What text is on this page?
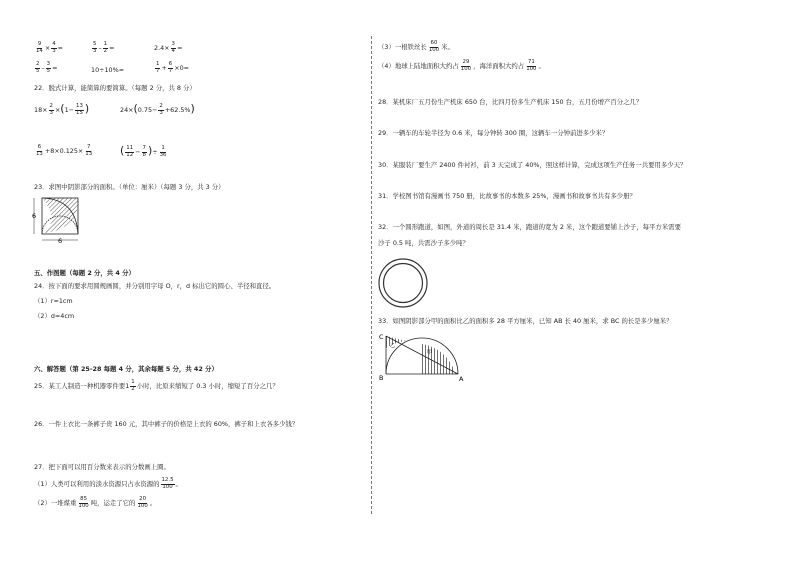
$\frac{9}{14} \times \frac{4}{3}$ =	$\frac{5}{3} - \frac{1}{2}$ =	$2.4\times \frac{3}{4}$ =
$\frac{2}{5} - \frac{3}{5}$ =	10÷10%=	$\frac{1}{7} + \frac{6}{7} \times 0=$
22．脱式计算，能简算的要简算。（每题 2 分，共 8 分）
$18\times \frac{2}{3} \times(1- \frac{13}{15}$ )	$24\times(0.75- \frac{2}{3} +62.5\%)$
$\frac{6}{13} +8\times 0.125\times \frac{7}{13}$ ( $\frac{11}{12} - \frac{7}{8}$ )÷ $\frac{1}{36}$
23．求图中阴影部分的面积。（单位：厘米）（每题 3 分，共 3 分）
6
6
五、作图题（每题 2 分，共 4 分）
24．按下面的要求用圆规画圆，并分别用字母 O，r，d 标出它的圆心、半径和直径。
（1）r=1cm
（2）d=4cm
六、解答题（第 25-28 每题 4 分，其余每题 5 分，共 42 分）
25．某工人制造一种机器零件要$1 \frac{1}{2}$ 小时，比原来缩短了 0.3 小时，缩短了百分之几？
26．一件上衣比一条裤子贵 160 元，其中裤子的价格是上衣的 60%，裤子和上衣各多少钱？
27．把下面可以用百分数来表示的分数画上圈。
（1）人类可以利用的淡水资源只占水资源的 $\frac{12.5}{100}$ 。
（2）一堆煤重 $\frac{85}{100}$ 吨，运走了它的 $\frac{20}{100}$ 。
（3）一根铁丝长 $\frac{60}{100}$ 米。
（4）地球上陆地面积大约占 $\frac{29}{100}$ ，海洋面积大约占 $\frac{71}{100}$ 。
28．某机床厂五月份生产机床 650 台，比四月份多生产机床 150 台，五月份增产百分之几？
29．一辆车的车轮半径为 0.6 米，每分钟转 300 圈，这辆车一分钟前进多少米？
30．某服装厂要生产 2400 件衬衫，前 3 天完成了 40%，照这样计算，完成这项生产任务一共要用多少天？
31．学校图书馆有漫画书 750 册，比故事书的本数多 25%，漫画书和故事书共有多少册？
32．一个圆形跑道，如图，外道的周长是 31.4 米，跑道的宽为 2 米，这个跑道要铺上沙子，每平方米需要
沙子 0.5 吨，共需沙子多少吨？
33．如图阴影部分甲的面积比乙的面积多 28 平方厘米，已知 AB 长 40 厘米，求 BC 的长是多少厘米？
C
B	A
甲
乙
